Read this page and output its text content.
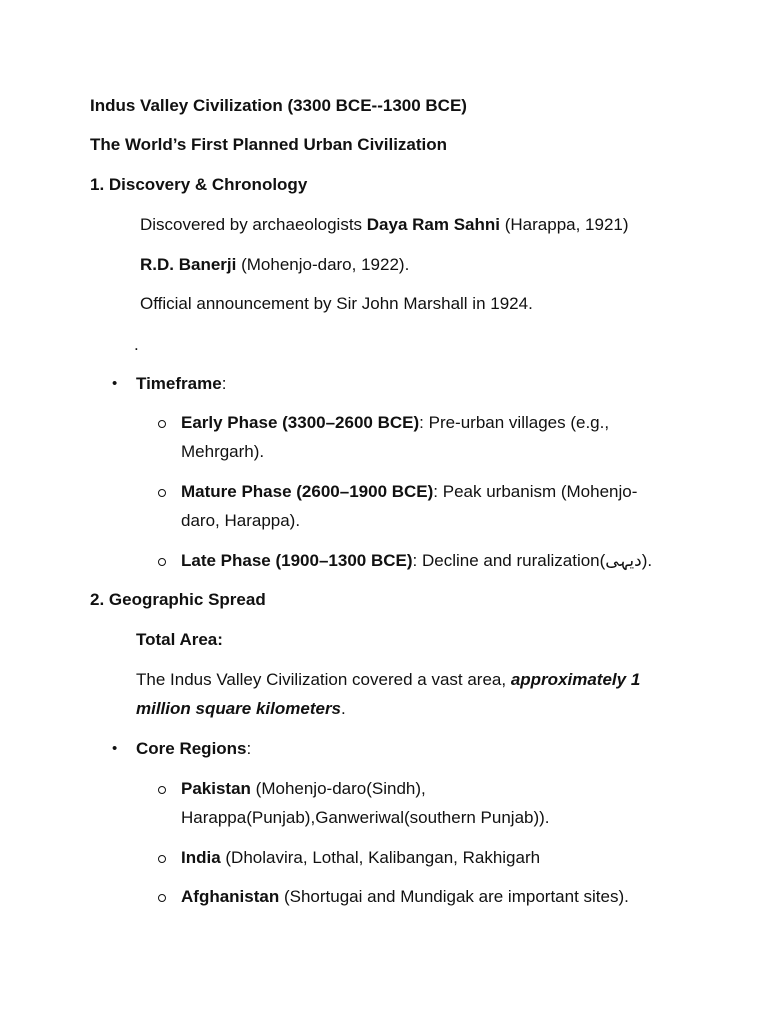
Indus Valley Civilization (3300 BCE--1300 BCE)
The World’s First Planned Urban Civilization
1. Discovery & Chronology
Discovered by archaeologists Daya Ram Sahni (Harappa, 1921)
R.D. Banerji (Mohenjo-daro, 1922).
Official announcement by Sir John Marshall in 1924.
.
• Timeframe:
Early Phase (3300–2600 BCE): Pre-urban villages (e.g.,
Mehrgarh).
Mature Phase (2600–1900 BCE): Peak urbanism (Mohenjo-
daro, Harappa).
Late Phase (1900–1300 BCE): Decline and ruralization(دیہی).
2. Geographic Spread
Total Area:
The Indus Valley Civilization covered a vast area, approximately 1
million square kilometers.
• Core Regions:
Pakistan (Mohenjo-daro(Sindh),
Harappa(Punjab),Ganweriwal(southern Punjab)).
India (Dholavira, Lothal, Kalibangan, Rakhigarh
Afghanistan (Shortugai and Mundigak are important sites).
